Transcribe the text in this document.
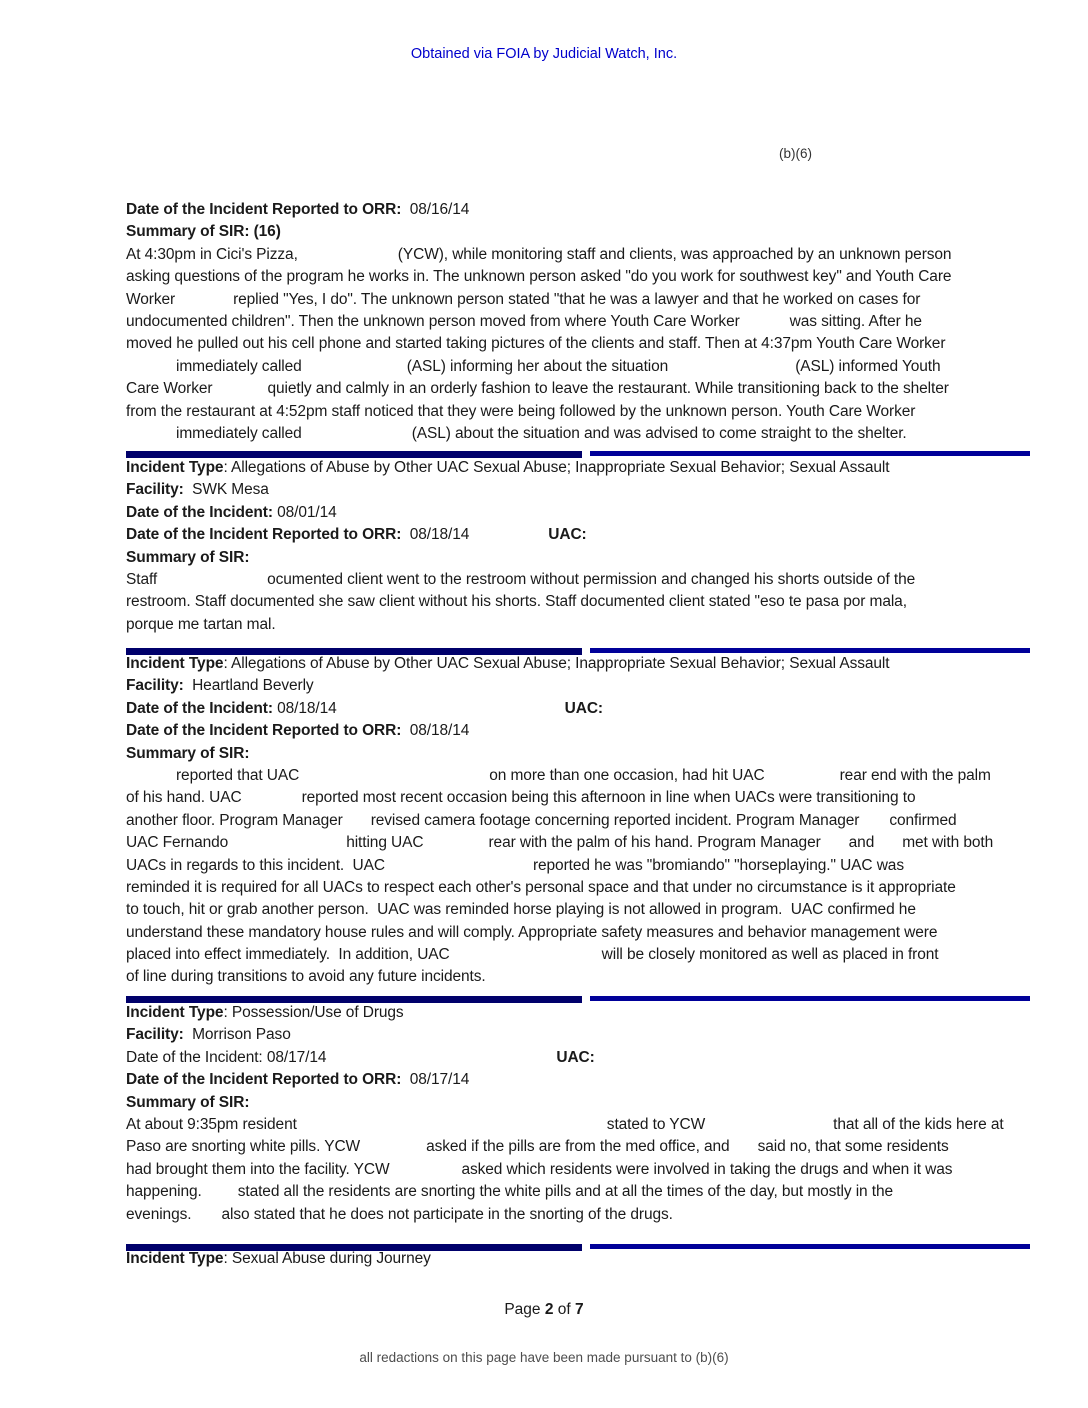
Obtained via FOIA by Judicial Watch, Inc.
(b)(6)
Date of the Incident Reported to ORR:  08/16/14
Summary of SIR: (16)
At 4:30pm in Cici's Pizza,	(YCW), while monitoring staff and clients, was approached by an unknown person
asking questions of the program he works in. The unknown person asked "do you work for southwest key" and Youth Care
Worker	replied "Yes, I do". The unknown person stated "that he was a lawyer and that he worked on cases for
undocumented children". Then the unknown person moved from where Youth Care Worker	was sitting. After he
moved he pulled out his cell phone and started taking pictures of the clients and staff. Then at 4:37pm Youth Care Worker
immediately called	(ASL) informing her about the situation	(ASL) informed Youth
Care Worker	quietly and calmly in an orderly fashion to leave the restaurant. While transitioning back to the shelter
from the restaurant at 4:52pm staff noticed that they were being followed by the unknown person. Youth Care Worker
immediately called	(ASL) about the situation and was advised to come straight to the shelter.
Incident Type: Allegations of Abuse by Other UAC Sexual Abuse; Inappropriate Sexual Behavior; Sexual Assault
Facility:  SWK Mesa
Date of the Incident: 08/01/14
Date of the Incident Reported to ORR:  08/18/14	UAC:
Summary of SIR:
Staff	ocumented client went to the restroom without permission and changed his shorts outside of the
restroom. Staff documented she saw client without his shorts. Staff documented client stated "eso te pasa por mala,
porque me tartan mal.
Incident Type: Allegations of Abuse by Other UAC Sexual Abuse; Inappropriate Sexual Behavior; Sexual Assault
Facility:  Heartland Beverly
Date of the Incident: 08/18/14	UAC:
Date of the Incident Reported to ORR:  08/18/14
Summary of SIR:
reported that UAC	on more than one occasion, had hit UAC	rear end with the palm
of his hand. UAC	reported most recent occasion being this afternoon in line when UACs were transitioning to
another floor. Program Manager revised camera footage concerning reported incident. Program Manager confirmed
UAC Fernando	hitting UAC	rear with the palm of his hand. Program Manager and met with both
UACs in regards to this incident.  UAC	reported he was "bromiando" "horseplaying." UAC was
reminded it is required for all UACs to respect each other's personal space and that under no circumstance is it appropriate
to touch, hit or grab another person.  UAC was reminded horse playing is not allowed in program.  UAC confirmed he
understand these mandatory house rules and will comply. Appropriate safety measures and behavior management were
placed into effect immediately.  In addition, UAC	will be closely monitored as well as placed in front
of line during transitions to avoid any future incidents.
Incident Type: Possession/Use of Drugs
Facility:  Morrison Paso
Date of the Incident: 08/17/14	UAC:
Date of the Incident Reported to ORR:  08/17/14
Summary of SIR:
At about 9:35pm resident	stated to YCW	that all of the kids here at
Paso are snorting white pills. YCW	asked if the pills are from the med office, and said no, that some residents
had brought them into the facility. YCW	asked which residents were involved in taking the drugs and when it was
happening. stated all the residents are snorting the white pills and at all the times of the day, but mostly in the
evenings. also stated that he does not participate in the snorting of the drugs.
Incident Type: Sexual Abuse during Journey
Page 2 of 7
all redactions on this page have been made pursuant to (b)(6)
